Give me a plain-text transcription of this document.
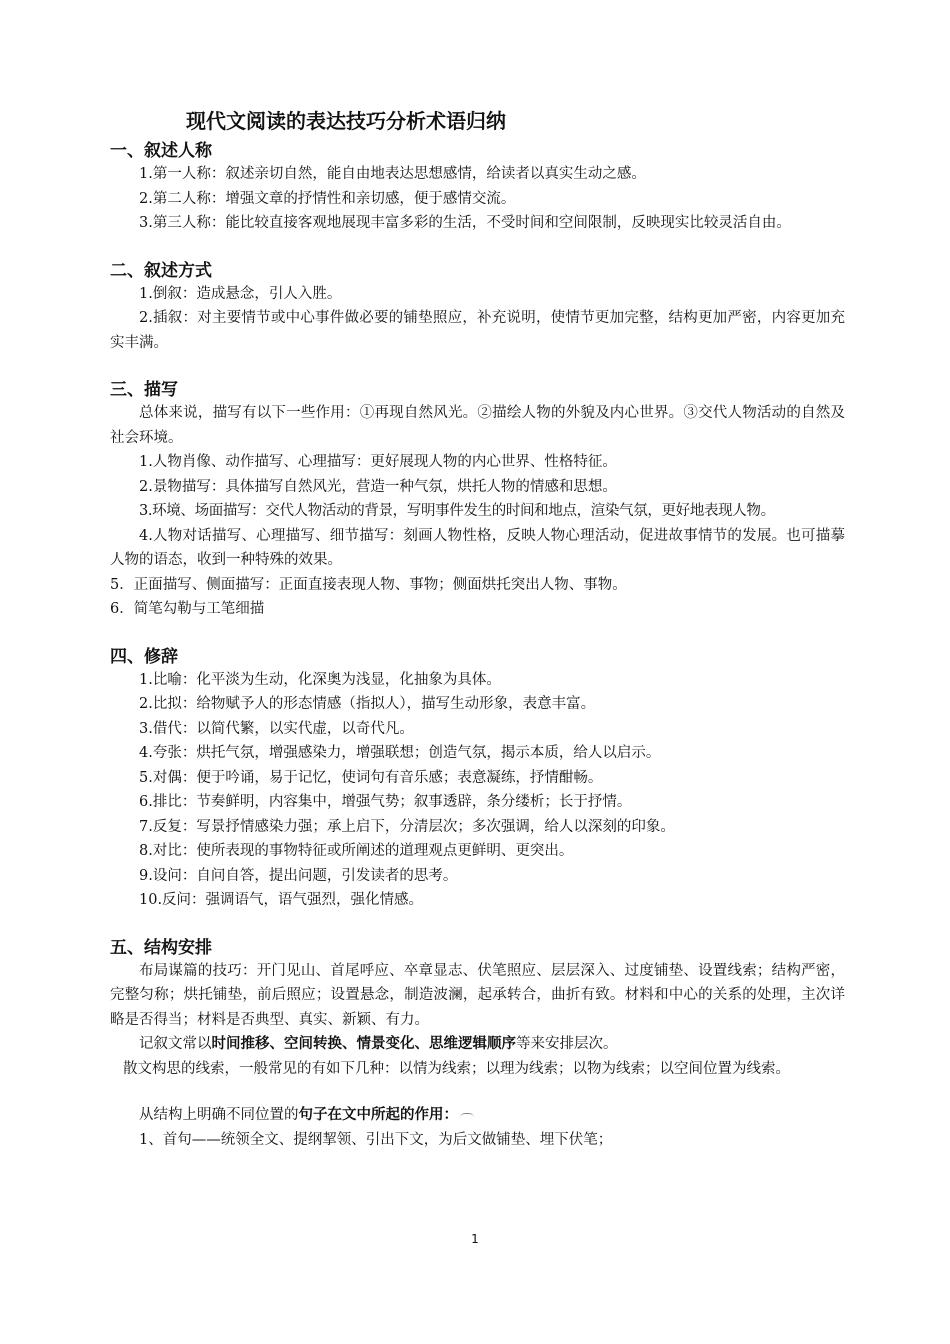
现代文阅读的表达技巧分析术语归纳
一、叙述人称

1.第一人称：叙述亲切自然，能自由地表达思想感情，给读者以真实生动之感。

2.第二人称：增强文章的抒情性和亲切感，便于感情交流。

3.第三人称：能比较直接客观地展现丰富多彩的生活，不受时间和空间限制，反映现实比较灵活自由。

二、叙述方式

1.倒叙：造成悬念，引人入胜。

2.插叙：对主要情节或中心事件做必要的铺垫照应，补充说明，使情节更加完整，结构更加严密，内容更加充实丰满。

三、描写

总体来说，描写有以下一些作用：①再现自然风光。②描绘人物的外貌及内心世界。③交代人物活动的自然及社会环境。

1.人物肖像、动作描写、心理描写：更好展现人物的内心世界、性格特征。

2.景物描写：具体描写自然风光，营造一种气氛，烘托人物的情感和思想。

3.环境、场面描写：交代人物活动的背景，写明事件发生的时间和地点，渲染气氛，更好地表现人物。

4.人物对话描写、心理描写、细节描写：刻画人物性格，反映人物心理活动，促进故事情节的发展。也可描摹人物的语态，收到一种特殊的效果。

5．正面描写、侧面描写：正面直接表现人物、事物；侧面烘托突出人物、事物。

6．简笔勾勒与工笔细描

四、修辞

1.比喻：化平淡为生动，化深奥为浅显，化抽象为具体。

2.比拟：给物赋予人的形态情感（指拟人），描写生动形象，表意丰富。

3.借代：以简代繁，以实代虚，以奇代凡。

4.夸张：烘托气氛，增强感染力，增强联想；创造气氛，揭示本质，给人以启示。

5.对偶：便于吟诵，易于记忆，使词句有音乐感；表意凝练，抒情酣畅。

6.排比：节奏鲜明，内容集中，增强气势；叙事透辟，条分缕析；长于抒情。

7.反复：写景抒情感染力强；承上启下，分清层次；多次强调，给人以深刻的印象。

8.对比：使所表现的事物特征或所阐述的道理观点更鲜明、更突出。

9.设问：自问自答，提出问题，引发读者的思考。

10.反问：强调语气，语气强烈，强化情感。

五、结构安排

布局谋篇的技巧：开门见山、首尾呼应、卒章显志、伏笔照应、层层深入、过度铺垫、设置线索；结构严密，完整匀称；烘托铺垫，前后照应；设置悬念，制造波澜，起承转合，曲折有致。材料和中心的关系的处理，主次详略是否得当；材料是否典型、真实、新颖、有力。

记叙文常以时间推移、空间转换、情景变化、思维逻辑顺序等来安排层次。

散文构思的线索，一般常见的有如下几种：以情为线索；以理为线索；以物为线索；以空间位置为线索。

从结构上明确不同位置的句子在文中所起的作用：

1、首句——统领全文、提纲挈领、引出下文，为后文做铺垫、埋下伏笔；

1
